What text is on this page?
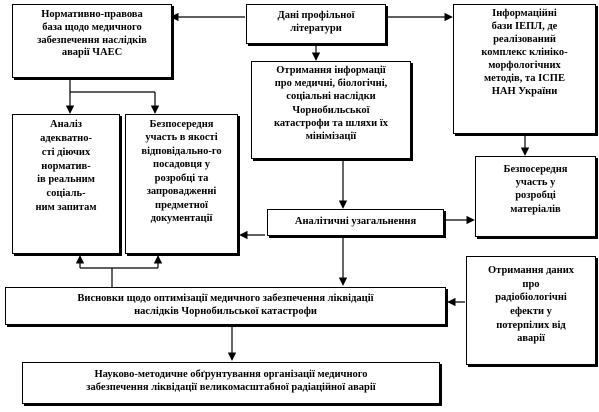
Нормативно-правова
база щодо медичного
забезпечення наслідків
аварії ЧАЕС
Дані профільної
літератури
Інформаційні
бази ІЕПЛ, де
реалізований
комплекс клініко-
морфологічних
методів, та ІСПЕ
НАН України
Отримання інформації
про медичні, біологічні,
соціальні наслідки
Чорнобильської
катастрофи та шляхи їх
мінімізації
Аналіз
адекватно-
сті діючих
норматив-
ів реальним
соціаль-
ним запитам
Безпосередня
участь в якості
відповідально-го
посадовця у
розробці та
запровадженні
предметної
документації
Безпосередня
участь у
розробці
матеріалів
Аналітичні узагальнення
Висновки щодо оптимізації медичного забезпечення ліквідації
наслідків Чорнобильської катастрофи
Отримання даних
про
радіобіологічні
ефекти у
потерпілих від
аварії
Науково-методичне обґрунтування організації медичного
забезпечення ліквідації великомасштабної радіаційної аварії
